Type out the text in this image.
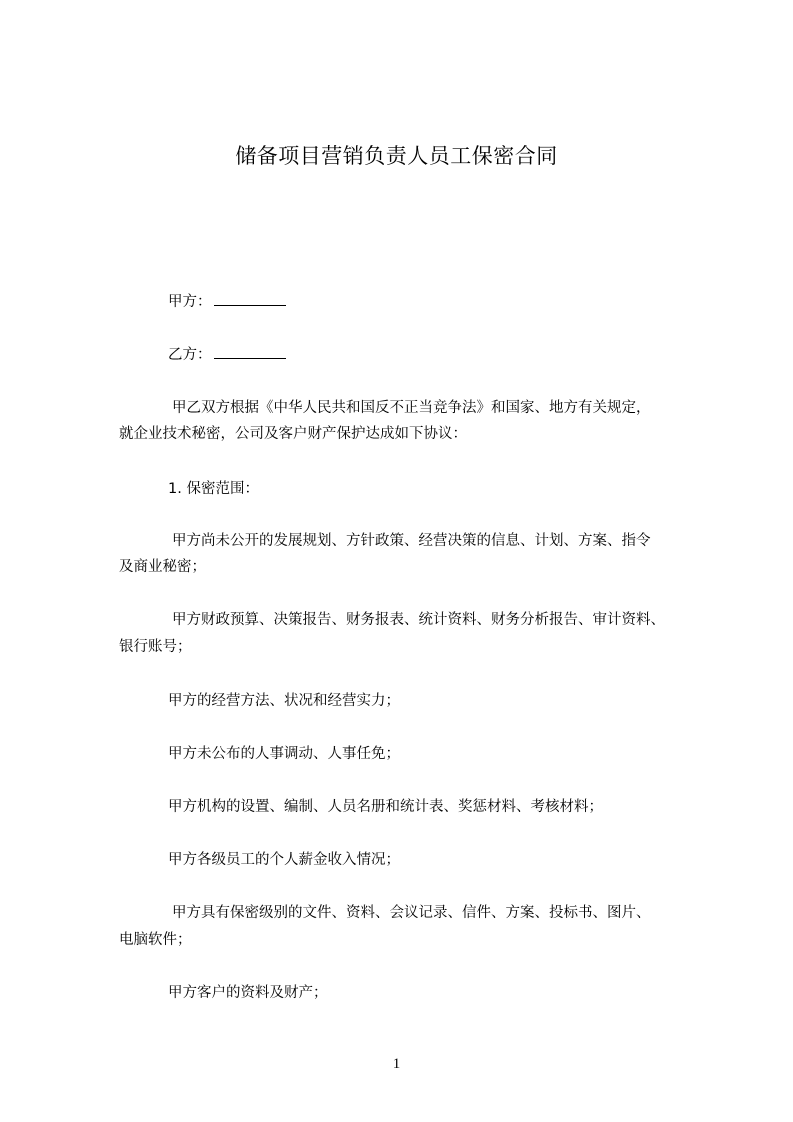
储备项目营销负责人员工保密合同
甲方：
乙方：
甲乙双方根据《中华人民共和国反不正当竞争法》和国家、地方有关规定，
就企业技术秘密，公司及客户财产保护达成如下协议：
1. 保密范围：
甲方尚未公开的发展规划、方针政策、经营决策的信息、计划、方案、指令
及商业秘密；
甲方财政预算、决策报告、财务报表、统计资料、财务分析报告、审计资料、
银行账号；
甲方的经营方法、状况和经营实力；
甲方未公布的人事调动、人事任免；
甲方机构的设置、编制、人员名册和统计表、奖惩材料、考核材料；
甲方各级员工的个人薪金收入情况；
甲方具有保密级别的文件、资料、会议记录、信件、方案、投标书、图片、
电脑软件；
甲方客户的资料及财产；
1
